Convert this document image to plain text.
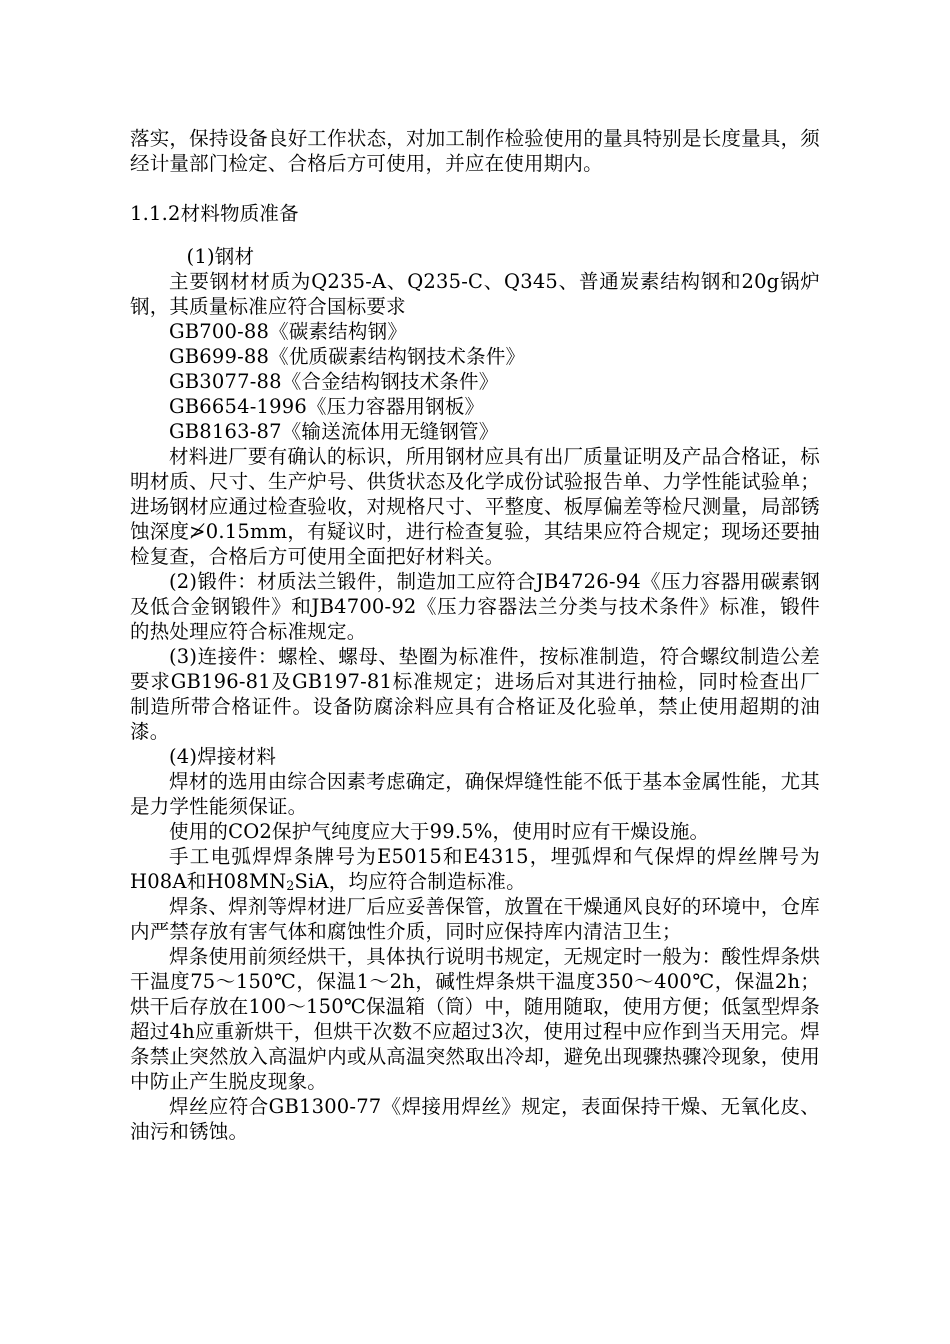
落实，保持设备良好工作状态，对加工制作检验使用的量具特别是长度量具，须经计量部门检定、合格后方可使用，并应在使用期内。

1.1.2材料物质准备

(1)钢材

主要钢材材质为Q235-A、Q235-C、Q345、普通炭素结构钢和20g锅炉钢，其质量标准应符合国标要求

GB700-88《碳素结构钢》

GB699-88《优质碳素结构钢技术条件》

GB3077-88《合金结构钢技术条件》

GB6654-1996《压力容器用钢板》

GB8163-87《输送流体用无缝钢管》

材料进厂要有确认的标识，所用钢材应具有出厂质量证明及产品合格证，标明材质、尺寸、生产炉号、供货状态及化学成份试验报告单、力学性能试验单；进场钢材应通过检查验收，对规格尺寸、平整度、板厚偏差等检尺测量，局部锈蚀深度≯0.15mm，有疑议时，进行检查复验，其结果应符合规定；现场还要抽检复查，合格后方可使用全面把好材料关。

(2)锻件：材质法兰锻件，制造加工应符合JB4726-94《压力容器用碳素钢及低合金钢锻件》和JB4700-92《压力容器法兰分类与技术条件》标准，锻件的热处理应符合标准规定。

(3)连接件：螺栓、螺母、垫圈为标准件，按标准制造，符合螺纹制造公差要求GB196-81及GB197-81标准规定；进场后对其进行抽检，同时检查出厂制造所带合格证件。设备防腐涂料应具有合格证及化验单，禁止使用超期的油漆。

(4)焊接材料

焊材的选用由综合因素考虑确定，确保焊缝性能不低于基本金属性能，尤其是力学性能须保证。

使用的CO2保护气纯度应大于99.5%，使用时应有干燥设施。

手工电弧焊焊条牌号为E5015和E4315，埋弧焊和气保焊的焊丝牌号为H08A和$H08MN_2SiA$，均应符合制造标准。

焊条、焊剂等焊材进厂后应妥善保管，放置在干燥通风良好的环境中，仓库内严禁存放有害气体和腐蚀性介质，同时应保持库内清洁卫生；

焊条使用前须经烘干，具体执行说明书规定，无规定时一般为：酸性焊条烘干温度75～150℃，保温1～2h，碱性焊条烘干温度350～400℃，保温2h；烘干后存放在100～150℃保温箱（筒）中，随用随取，使用方便；低氢型焊条超过4h应重新烘干，但烘干次数不应超过3次，使用过程中应作到当天用完。焊条禁止突然放入高温炉内或从高温突然取出冷却，避免出现骤热骤冷现象，使用中防止产生脱皮现象。

焊丝应符合GB1300-77《焊接用焊丝》规定，表面保持干燥、无氧化皮、油污和锈蚀。
